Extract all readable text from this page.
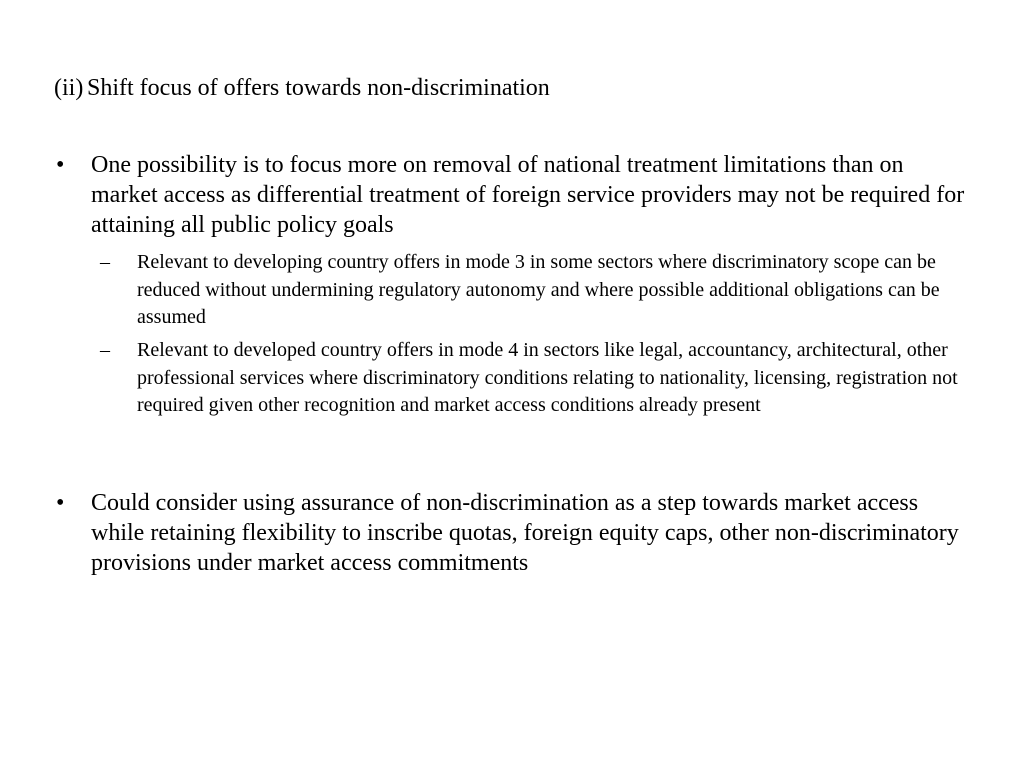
(ii) Shift focus of offers towards non-discrimination
• One possibility is to focus more on removal of national treatment limitations than on market access as differential treatment of foreign service providers may not be required for attaining all public policy goals
– Relevant to developing country offers in mode 3 in some sectors where discriminatory scope can be reduced without undermining regulatory autonomy and where possible additional obligations can be assumed
– Relevant to developed country offers in mode 4 in sectors like legal, accountancy, architectural, other professional services where discriminatory conditions relating to nationality, licensing, registration not required given other recognition and market access conditions already present
• Could consider using assurance of non-discrimination as a step towards market access while retaining flexibility to inscribe quotas, foreign equity caps, other non-discriminatory provisions under market access commitments
